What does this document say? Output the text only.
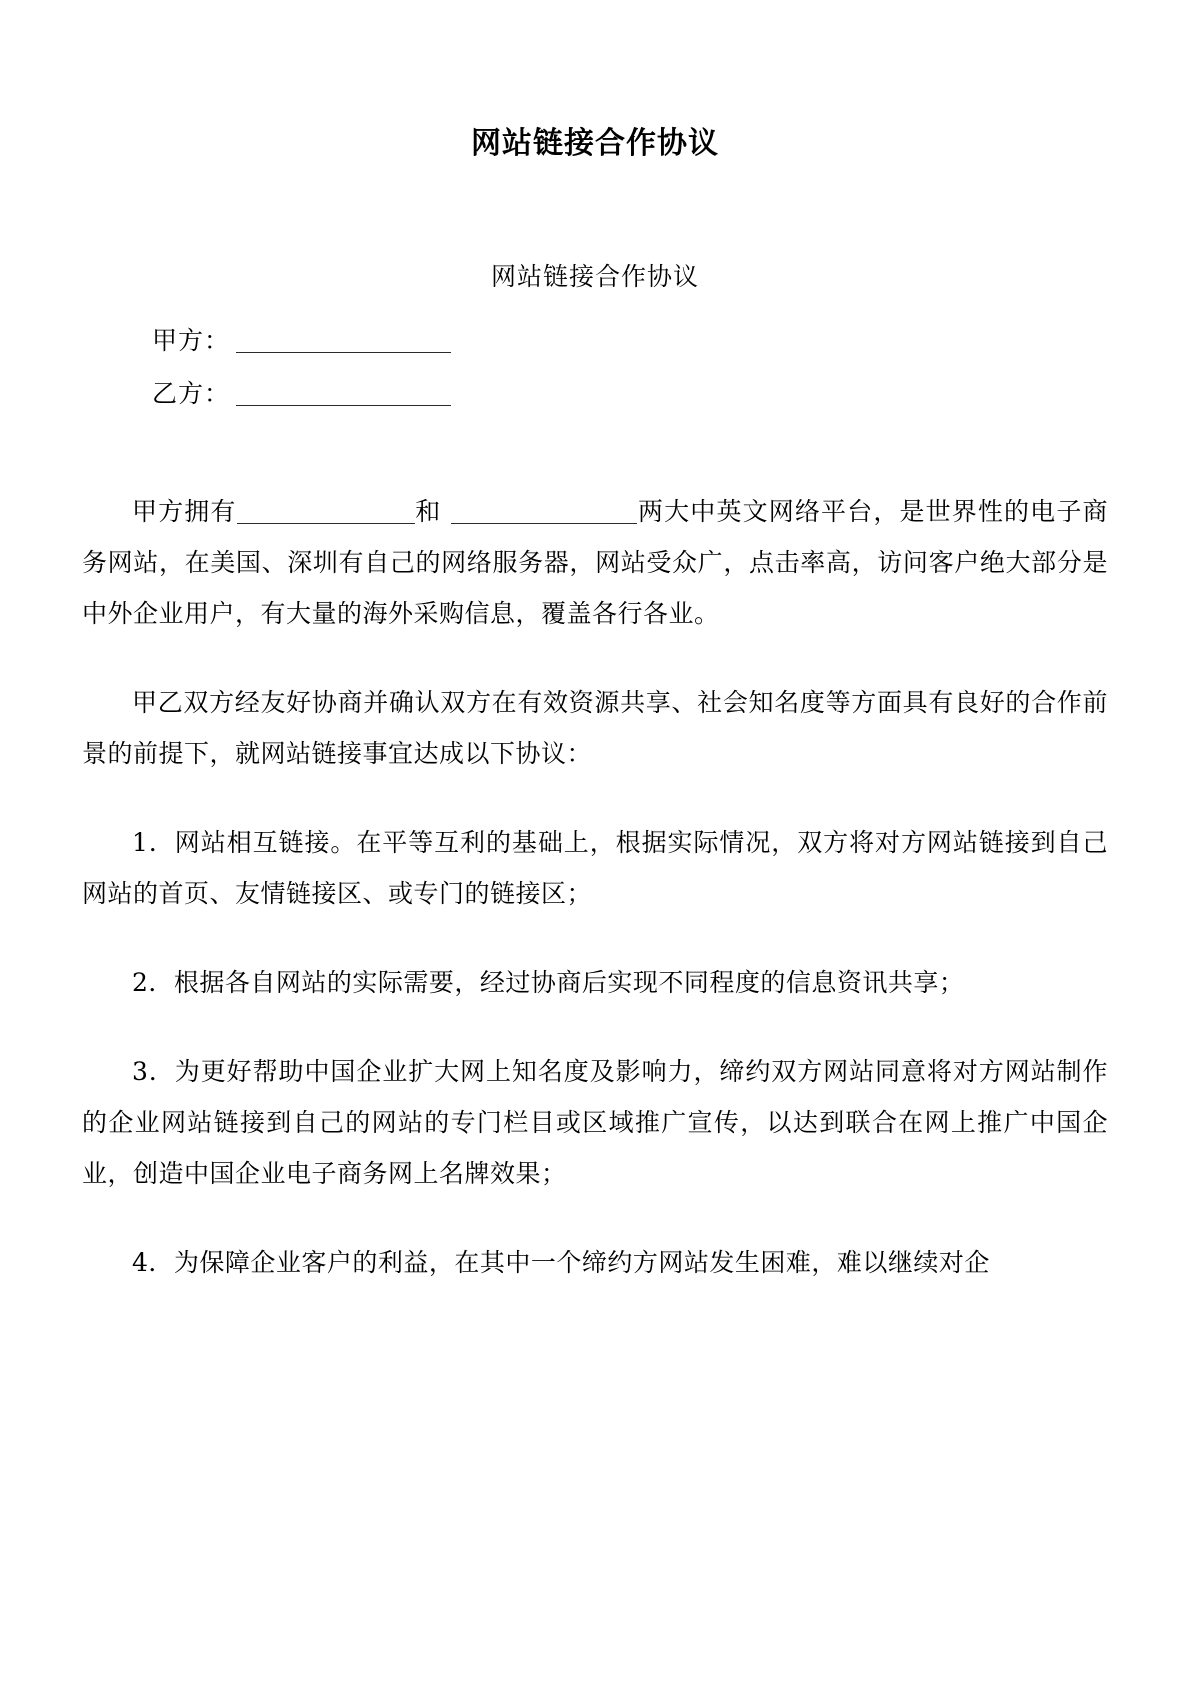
网站链接合作协议
网站链接合作协议
甲方：
乙方：

甲方拥有	和	两大中英文网络平台，是世界性的电子商务网站，在美国、深圳有自己的网络服务器，网站受众广，点击率高，访问客户绝大部分是中外企业用户，有大量的海外采购信息，覆盖各行各业。

甲乙双方经友好协商并确认双方在有效资源共享、社会知名度等方面具有良好的合作前景的前提下，就网站链接事宜达成以下协议：

1．网站相互链接。在平等互利的基础上，根据实际情况，双方将对方网站链接到自己网站的首页、友情链接区、或专门的链接区；

2．根据各自网站的实际需要，经过协商后实现不同程度的信息资讯共享；

3．为更好帮助中国企业扩大网上知名度及影响力，缔约双方网站同意将对方网站制作的企业网站链接到自己的网站的专门栏目或区域推广宣传，以达到联合在网上推广中国企业，创造中国企业电子商务网上名牌效果；

4．为保障企业客户的利益，在其中一个缔约方网站发生困难，难以继续对企
